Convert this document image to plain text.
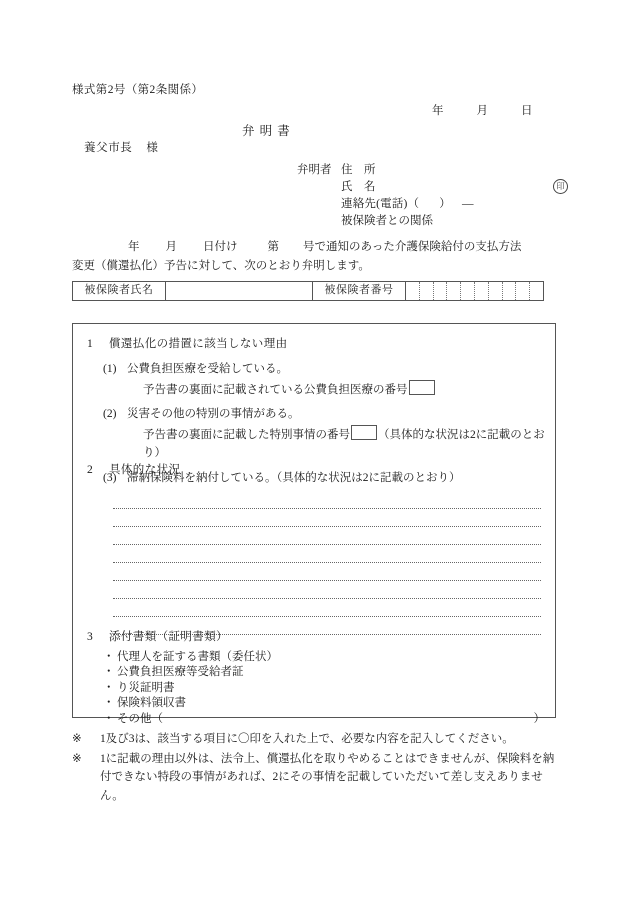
様式第2号（第2条関係）
年	月	日
弁 明 書
養父市長 様
弁明者 住　所
氏　名
連絡先(電話)（ ） ―
被保険者との関係
印
年 月 日付け	第 号で通知のあった介護保険給付の支払方法
変更（償還払化）予告に対して、次のとおり弁明します。
被保険者氏名		被保険者番号	
1 償還払化の措置に該当しない理由
(1) 公費負担医療を受給している。
予告書の裏面に記載されている公費負担医療の番号
(2) 災害その他の特別の事情がある。
予告書の裏面に記載した特別事情の番号 （具体的な状況は2に記載のとおり）
(3) 滞納保険料を納付している。（具体的な状況は2に記載のとおり）
2 具体的な状況
3 添付書類（証明書類）
・ 代理人を証する書類（委任状）
・ 公費負担医療等受給者証
・ り災証明書
・ 保険料領収書
・ その他（	）
※ 1及び3は、該当する項目に〇印を入れた上で、必要な内容を記入してください。
※ 1に記載の理由以外は、法令上、償還払化を取りやめることはできませんが、保険料を納付できない特段の事情があれば、2にその事情を記載していただいて差し支えありません。
